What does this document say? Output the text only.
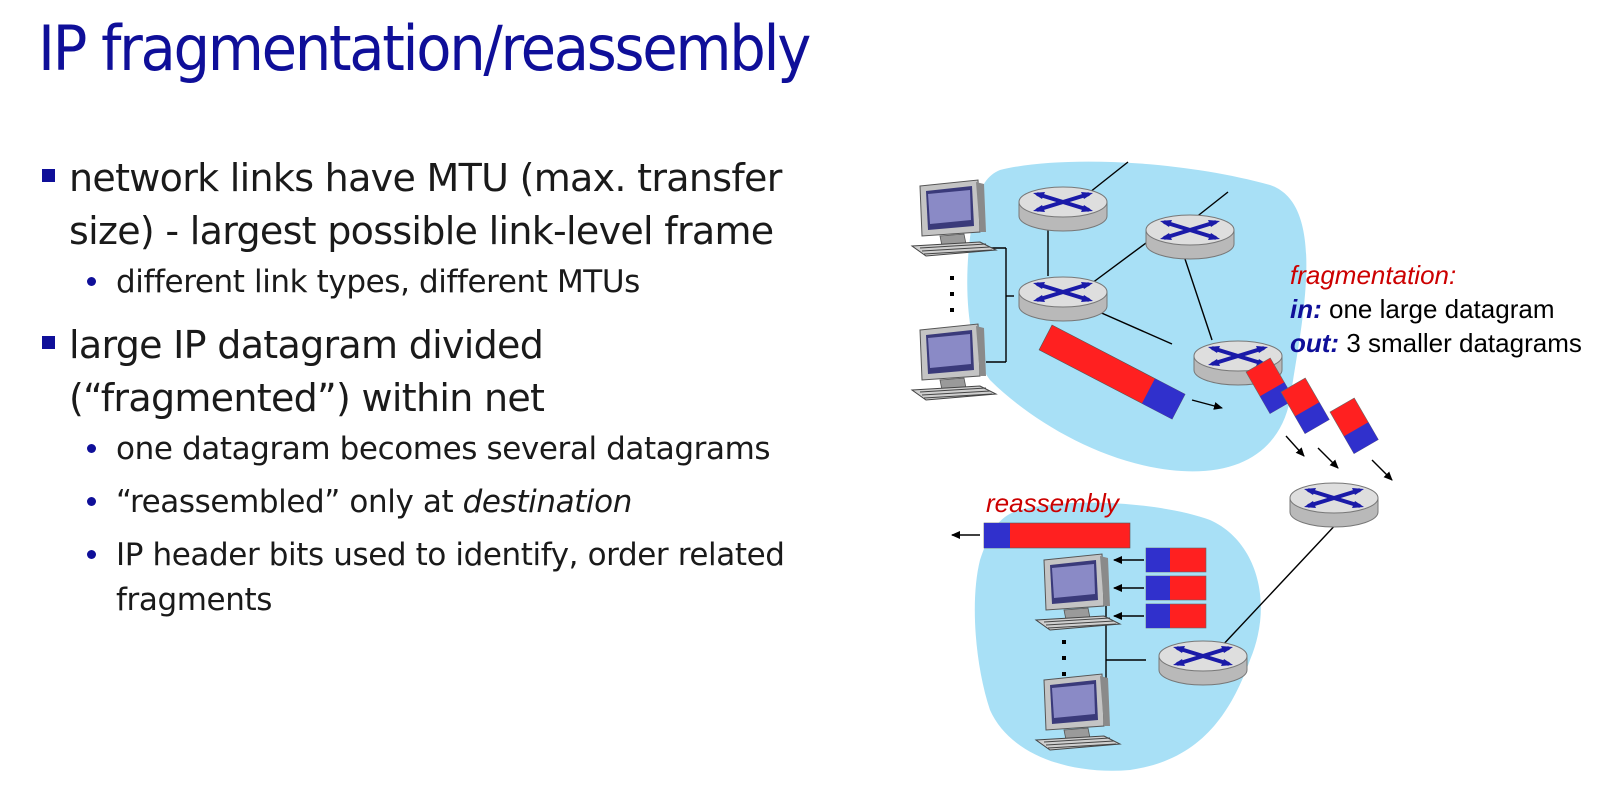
IP fragmentation/reassembly
network links have MTU (max. transfer size) - largest possible link-level frame
different link types, different MTUs
large IP datagram divided (“fragmented”) within net
one datagram becomes several datagrams
“reassembled” only at destination
IP header bits used to identify, order related fragments
fragmentation:
in: one large datagram
out: 3 smaller datagrams
reassembly
